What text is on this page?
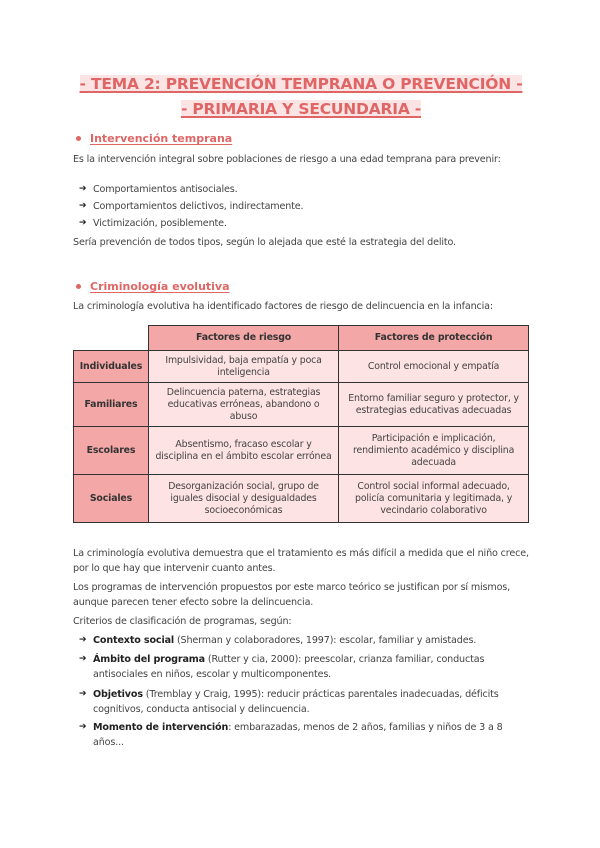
- TEMA 2: PREVENCIÓN TEMPRANA O PREVENCIÓN -
- PRIMARIA Y SECUNDARIA -
Intervención temprana
Es la intervención integral sobre poblaciones de riesgo a una edad temprana para prevenir:
➔ Comportamientos antisociales.
➔ Comportamientos delictivos, indirectamente.
➔ Victimización, posiblemente.
Sería prevención de todos tipos, según lo alejada que esté la estrategia del delito.
Criminología evolutiva
La criminología evolutiva ha identificado factores de riesgo de delincuencia en la infancia:
	Factores de riesgo	Factores de protección
Individuales	Impulsividad, baja empatía y poca inteligencia	Control emocional y empatía
Familiares	Delincuencia paterna, estrategias educativas erróneas, abandono o abuso	Entorno familiar seguro y protector, y estrategias educativas adecuadas
Escolares	Absentismo, fracaso escolar y disciplina en el ámbito escolar errónea	Participación e implicación, rendimiento académico y disciplina adecuada
Sociales	Desorganización social, grupo de iguales disocial y desigualdades socioeconómicas	Control social informal adecuado, policía comunitaria y legitimada, y vecindario colaborativo
La criminología evolutiva demuestra que el tratamiento es más difícil a medida que el niño crece, por lo que hay que intervenir cuanto antes.
Los programas de intervención propuestos por este marco teórico se justifican por sí mismos, aunque parecen tener efecto sobre la delincuencia.
Criterios de clasificación de programas, según:
➔ Contexto social (Sherman y colaboradores, 1997): escolar, familiar y amistades.
➔ Ámbito del programa (Rutter y cia, 2000): preescolar, crianza familiar, conductas antisociales en niños, escolar y multicomponentes.
➔ Objetivos (Tremblay y Craig, 1995): reducir prácticas parentales inadecuadas, déficits cognitivos, conducta antisocial y delincuencia.
➔ Momento de intervención: embarazadas, menos de 2 años, familias y niños de 3 a 8 años...
